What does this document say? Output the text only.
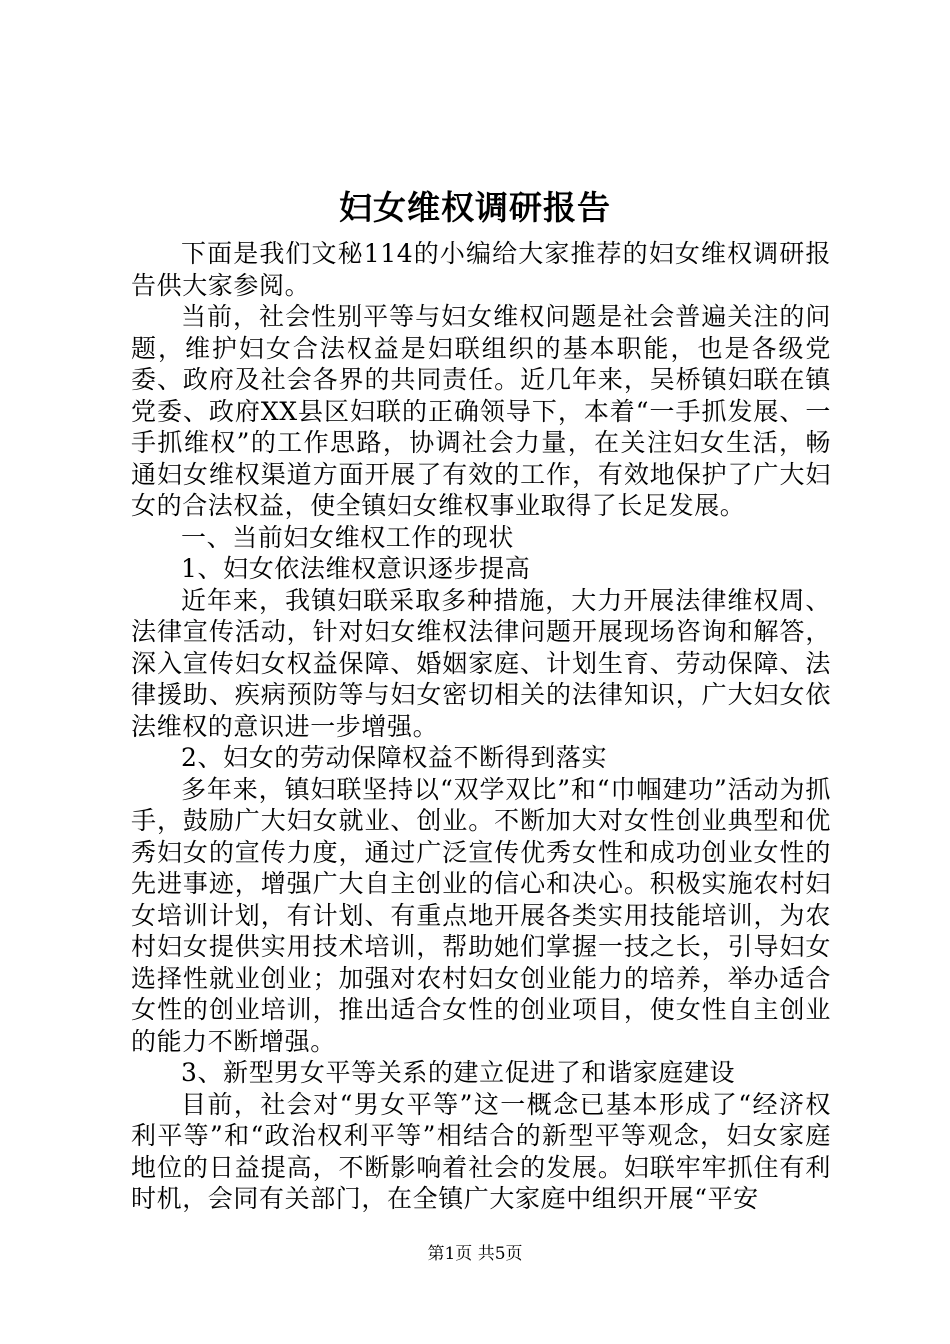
妇女维权调研报告

下面是我们文秘114的小编给大家推荐的妇女维权调研报告供大家参阅。

当前，社会性别平等与妇女维权问题是社会普遍关注的问题，维护妇女合法权益是妇联组织的基本职能，也是各级党委、政府及社会各界的共同责任。近几年来，吴桥镇妇联在镇党委、政府XX县区妇联的正确领导下，本着“一手抓发展、一手抓维权”的工作思路，协调社会力量，在关注妇女生活，畅通妇女维权渠道方面开展了有效的工作，有效地保护了广大妇女的合法权益，使全镇妇女维权事业取得了长足发展。

一、当前妇女维权工作的现状

1、妇女依法维权意识逐步提高

近年来，我镇妇联采取多种措施，大力开展法律维权周、法律宣传活动，针对妇女维权法律问题开展现场咨询和解答，深入宣传妇女权益保障、婚姻家庭、计划生育、劳动保障、法律援助、疾病预防等与妇女密切相关的法律知识，广大妇女依法维权的意识进一步增强。

2、妇女的劳动保障权益不断得到落实

多年来，镇妇联坚持以“双学双比”和“巾帼建功”活动为抓手，鼓励广大妇女就业、创业。不断加大对女性创业典型和优秀妇女的宣传力度，通过广泛宣传优秀女性和成功创业女性的先进事迹，增强广大自主创业的信心和决心。积极实施农村妇女培训计划，有计划、有重点地开展各类实用技能培训，为农村妇女提供实用技术培训，帮助她们掌握一技之长，引导妇女选择性就业创业；加强对农村妇女创业能力的培养，举办适合女性的创业培训，推出适合女性的创业项目，使女性自主创业的能力不断增强。

3、新型男女平等关系的建立促进了和谐家庭建设

目前，社会对“男女平等”这一概念已基本形成了“经济权利平等”和“政治权利平等”相结合的新型平等观念，妇女家庭地位的日益提高，不断影响着社会的发展。妇联牢牢抓住有利时机，会同有关部门，在全镇广大家庭中组织开展“平安

第1页 共5页
